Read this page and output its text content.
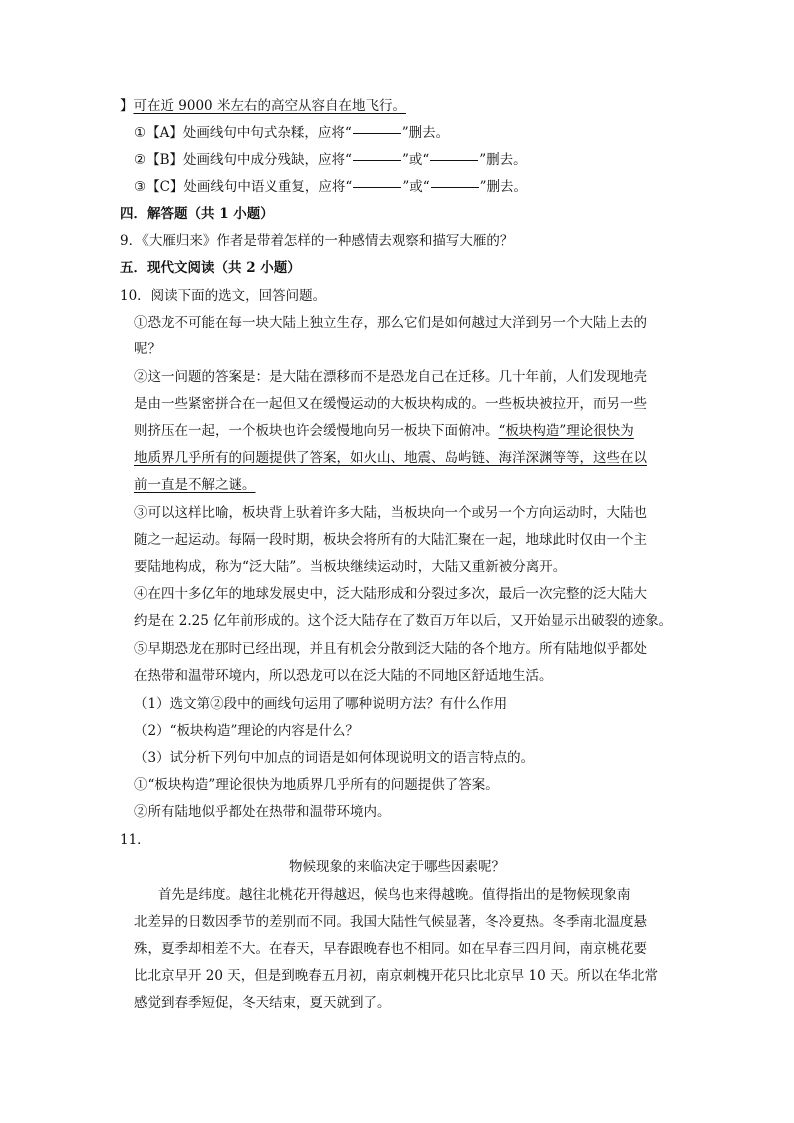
】可在近 9000 米左右的高空从容自在地飞行。
①【A】处画线句中句式杂糅，应将“	”删去。
②【B】处画线句中成分残缺，应将“	”或“	”删去。
③【C】处画线句中语义重复，应将“	”或“	”删去。
四．解答题（共 1 小题）
9．《大雁归来》作者是带着怎样的一种感情去观察和描写大雁的？
五．现代文阅读（共 2 小题）
10．阅读下面的选文，回答问题。
①恐龙不可能在每一块大陆上独立生存，那么它们是如何越过大洋到另一个大陆上去的
呢？
②这一问题的答案是：是大陆在漂移而不是恐龙自己在迁移。几十年前，人们发现地壳
是由一些紧密拼合在一起但又在缓慢运动的大板块构成的。一些板块被拉开，而另一些
则挤压在一起，一个板块也许会缓慢地向另一板块下面俯冲。“板块构造”理论很快为
地质界几乎所有的问题提供了答案，如火山、地震、岛屿链、海洋深渊等等，这些在以
前一直是不解之谜。
③可以这样比喻，板块背上驮着许多大陆，当板块向一个或另一个方向运动时，大陆也
随之一起运动。每隔一段时期，板块会将所有的大陆汇聚在一起，地球此时仅由一个主
要陆地构成，称为“泛大陆”。当板块继续运动时，大陆又重新被分离开。
④在四十多亿年的地球发展史中，泛大陆形成和分裂过多次，最后一次完整的泛大陆大
约是在 2.25 亿年前形成的。这个泛大陆存在了数百万年以后，又开始显示出破裂的迹象。
⑤早期恐龙在那时已经出现，并且有机会分散到泛大陆的各个地方。所有陆地似乎都处
在热带和温带环境内，所以恐龙可以在泛大陆的不同地区舒适地生活。
（1）选文第②段中的画线句运用了哪种说明方法？有什么作用
（2）“板块构造”理论的内容是什么？
（3）试分析下列句中加点的词语是如何体现说明文的语言特点的。
①“板块构造”理论很快为地质界几乎所有的问题提供了答案。
②所有陆地似乎都处在热带和温带环境内。
11．
物候现象的来临决定于哪些因素呢？
首先是纬度。越往北桃花开得越迟，候鸟也来得越晚。值得指出的是物候现象南
北差异的日数因季节的差别而不同。我国大陆性气候显著，冬冷夏热。冬季南北温度悬
殊，夏季却相差不大。在春天，早春跟晚春也不相同。如在早春三四月间，南京桃花要
比北京早开 20 天，但是到晚春五月初，南京刺槐开花只比北京早 10 天。所以在华北常
感觉到春季短促，冬天结束，夏天就到了。
